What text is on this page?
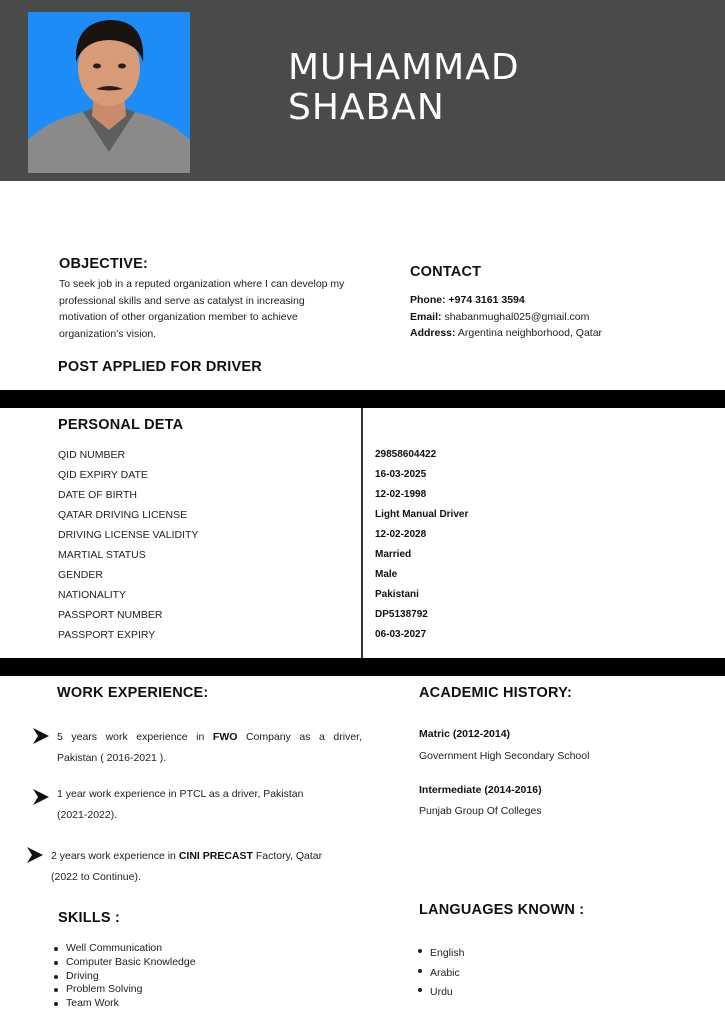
MUHAMMAD
SHABAN
OBJECTIVE:
To seek job in a reputed organization where I can develop my
professional skills and serve as catalyst in increasing
motivation of other organization member to achieve
organization's vision.
CONTACT
Phone: +974 3161 3594
Email: shabanmughal025@gmail.com
Address: Argentina neighborhood, Qatar
POST APPLIED FOR DRIVER
PERSONAL DETA
QID NUMBER	29858604422
QID EXPIRY DATE	16-03-2025
DATE OF BIRTH	12-02-1998
QATAR DRIVING LICENSE	Light Manual Driver
DRIVING LICENSE VALIDITY	12-02-2028
MARTIAL STATUS	Married
GENDER	Male
NATIONALITY	Pakistani
PASSPORT NUMBER	DP5138792
PASSPORT EXPIRY	06-03-2027
WORK EXPERIENCE:
5 years work experience in FWO Company as a driver,
Pakistan ( 2016-2021 ).
1 year work experience in PTCL as a driver, Pakistan
(2021-2022).
2 years work experience in CINI PRECAST Factory, Qatar
(2022 to Continue).
ACADEMIC HISTORY:
Matric (2012-2014)
Government High Secondary School
Intermediate (2014-2016)
Punjab Group Of Colleges
SKILLS :
Well Communication
Computer Basic Knowledge
Driving
Problem Solving
Team Work
LANGUAGES KNOWN :
English
Arabic
Urdu
